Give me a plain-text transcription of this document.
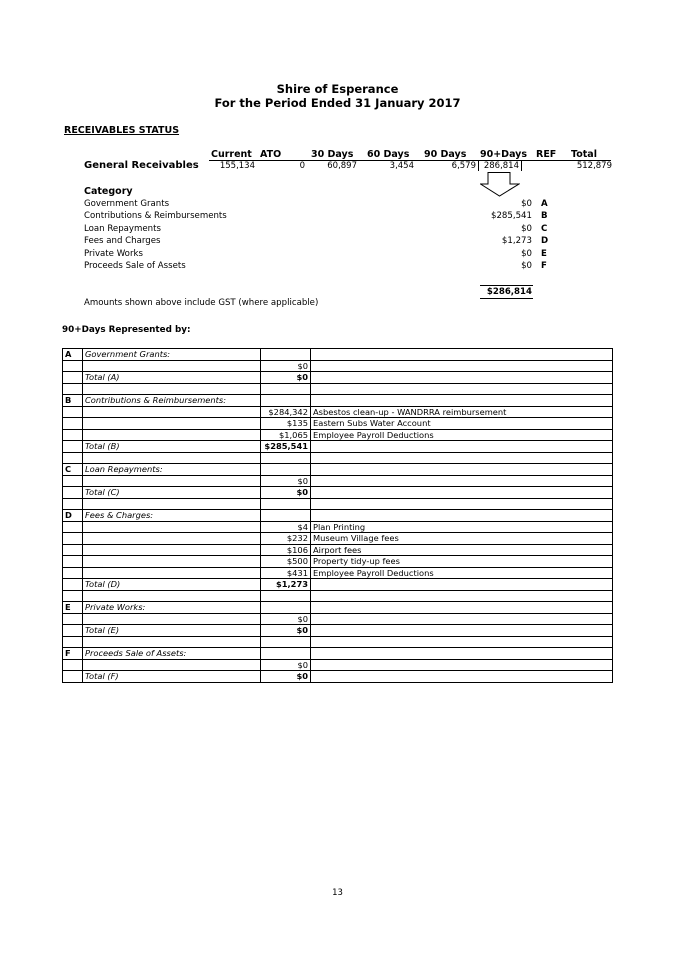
Shire of Esperance
For the Period Ended 31 January 2017
RECEIVABLES STATUS
Current ATO	30 Days 60 Days 90 Days 90+Days REF Total
General Receivables	155,134	0	60,897	3,454	6,579 286,814	512,879
Category
Government Grants	$0 A
Contributions & Reimbursements	$285,541 B
Loan Repayments	$0 C
Fees and Charges	$1,273 D
Private Works	$0 E
Proceeds Sale of Assets	$0 F
$286,814
Amounts shown above include GST (where applicable)
90+Days Represented by:
A	Government Grants:		
		$0	
	Total (A)	$0	

B	Contributions & Reimbursements:		
		$284,342	Asbestos clean-up - WANDRRA reimbursement
		$135	Eastern Subs Water Account
		$1,065	Employee Payroll Deductions
	Total (B)	$285,541	

C	Loan Repayments:		
		$0	
	Total (C)	$0	

D	Fees & Charges:		
		$4	Plan Printing
		$232	Museum Village fees
		$106	Airport fees
		$500	Property tidy-up fees
		$431	Employee Payroll Deductions
	Total (D)	$1,273	

E	Private Works:		
		$0	
	Total (E)	$0	

F	Proceeds Sale of Assets:		
		$0	
	Total (F)	$0	
13
